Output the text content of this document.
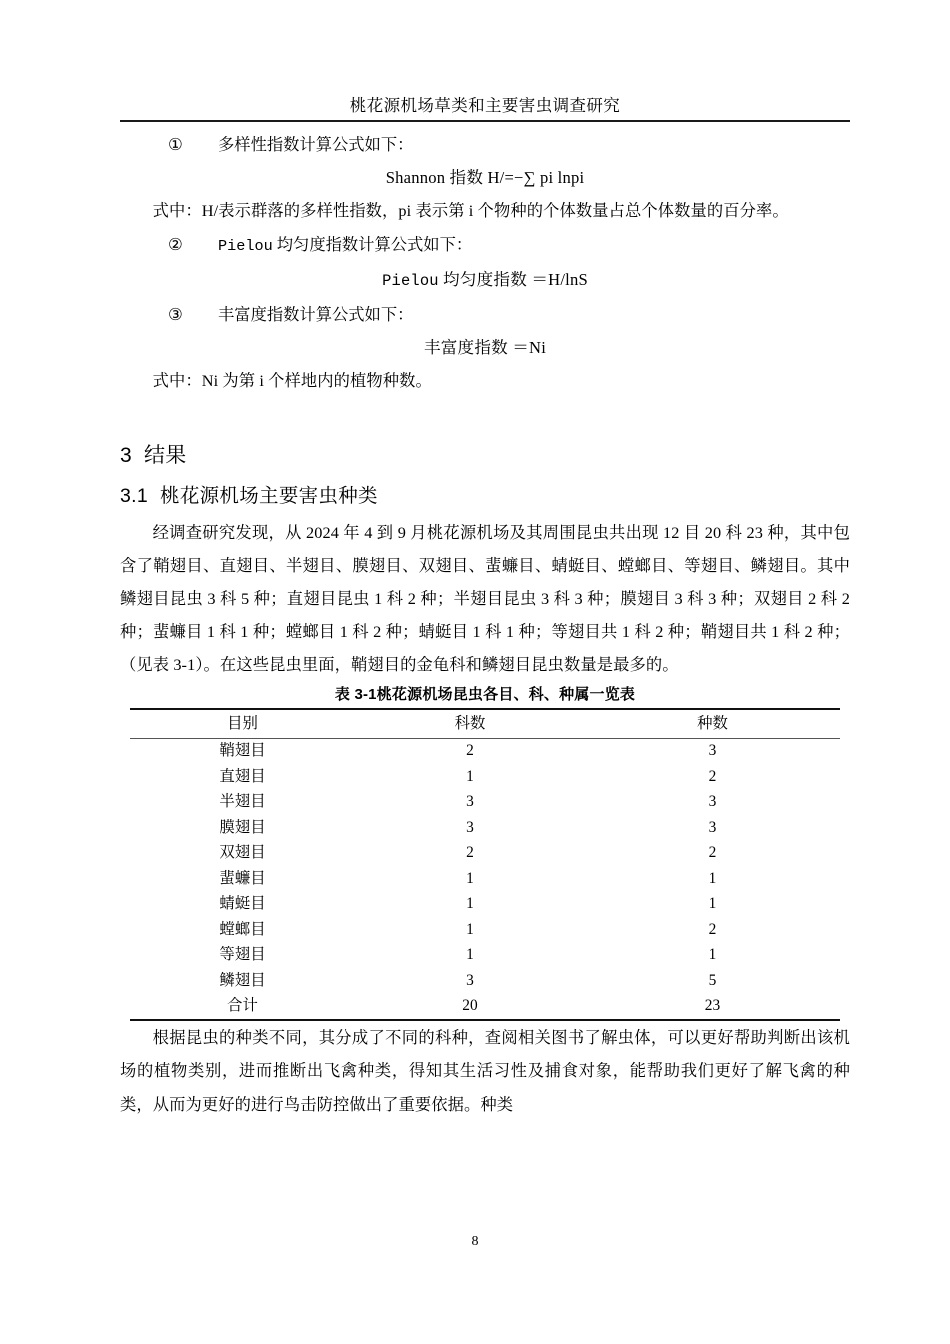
桃花源机场草类和主要害虫调查研究

① 多样性指数计算公式如下：

Shannon 指数 H/=−∑ pi lnpi

式中：H/表示群落的多样性指数，pi 表示第 i 个物种的个体数量占总个体数量的百分率。

② Pielou 均匀度指数计算公式如下：

Pielou 均匀度指数 ＝H/lnS

③ 丰富度指数计算公式如下：

丰富度指数 ＝Ni

式中：Ni 为第 i 个样地内的植物种数。

3 结果
3.1 桃花源机场主要害虫种类

经调查研究发现，从 2024 年 4 到 9 月桃花源机场及其周围昆虫共出现 12 目 20 科 23 种，其中包含了鞘翅目、直翅目、半翅目、膜翅目、双翅目、蜚蠊目、蜻蜓目、螳螂目、等翅目、鳞翅目。其中鳞翅目昆虫 3 科 5 种；直翅目昆虫 1 科 2 种；半翅目昆虫 3 科 3 种；膜翅目 3 科 3 种；双翅目 2 科 2 种；蜚蠊目 1 科 1 种；螳螂目 1 科 2 种；蜻蜓目 1 科 1 种；等翅目共 1 科 2 种；鞘翅目共 1 科 2 种；（见表 3-1）。在这些昆虫里面，鞘翅目的金龟科和鳞翅目昆虫数量是最多的。

表 3-1桃花源机场昆虫各目、科、种属一览表
目别	科数	种数
鞘翅目	2	3
直翅目	1	2
半翅目	3	3
膜翅目	3	3
双翅目	2	2
蜚蠊目	1	1
蜻蜓目	1	1
螳螂目	1	2
等翅目	1	1
鳞翅目	3	5
合计	20	23

根据昆虫的种类不同，其分成了不同的科种，查阅相关图书了解虫体，可以更好帮助判断出该机场的植物类别，进而推断出飞禽种类，得知其生活习性及捕食对象，能帮助我们更好了解飞禽的种类，从而为更好的进行鸟击防控做出了重要依据。种类

8
